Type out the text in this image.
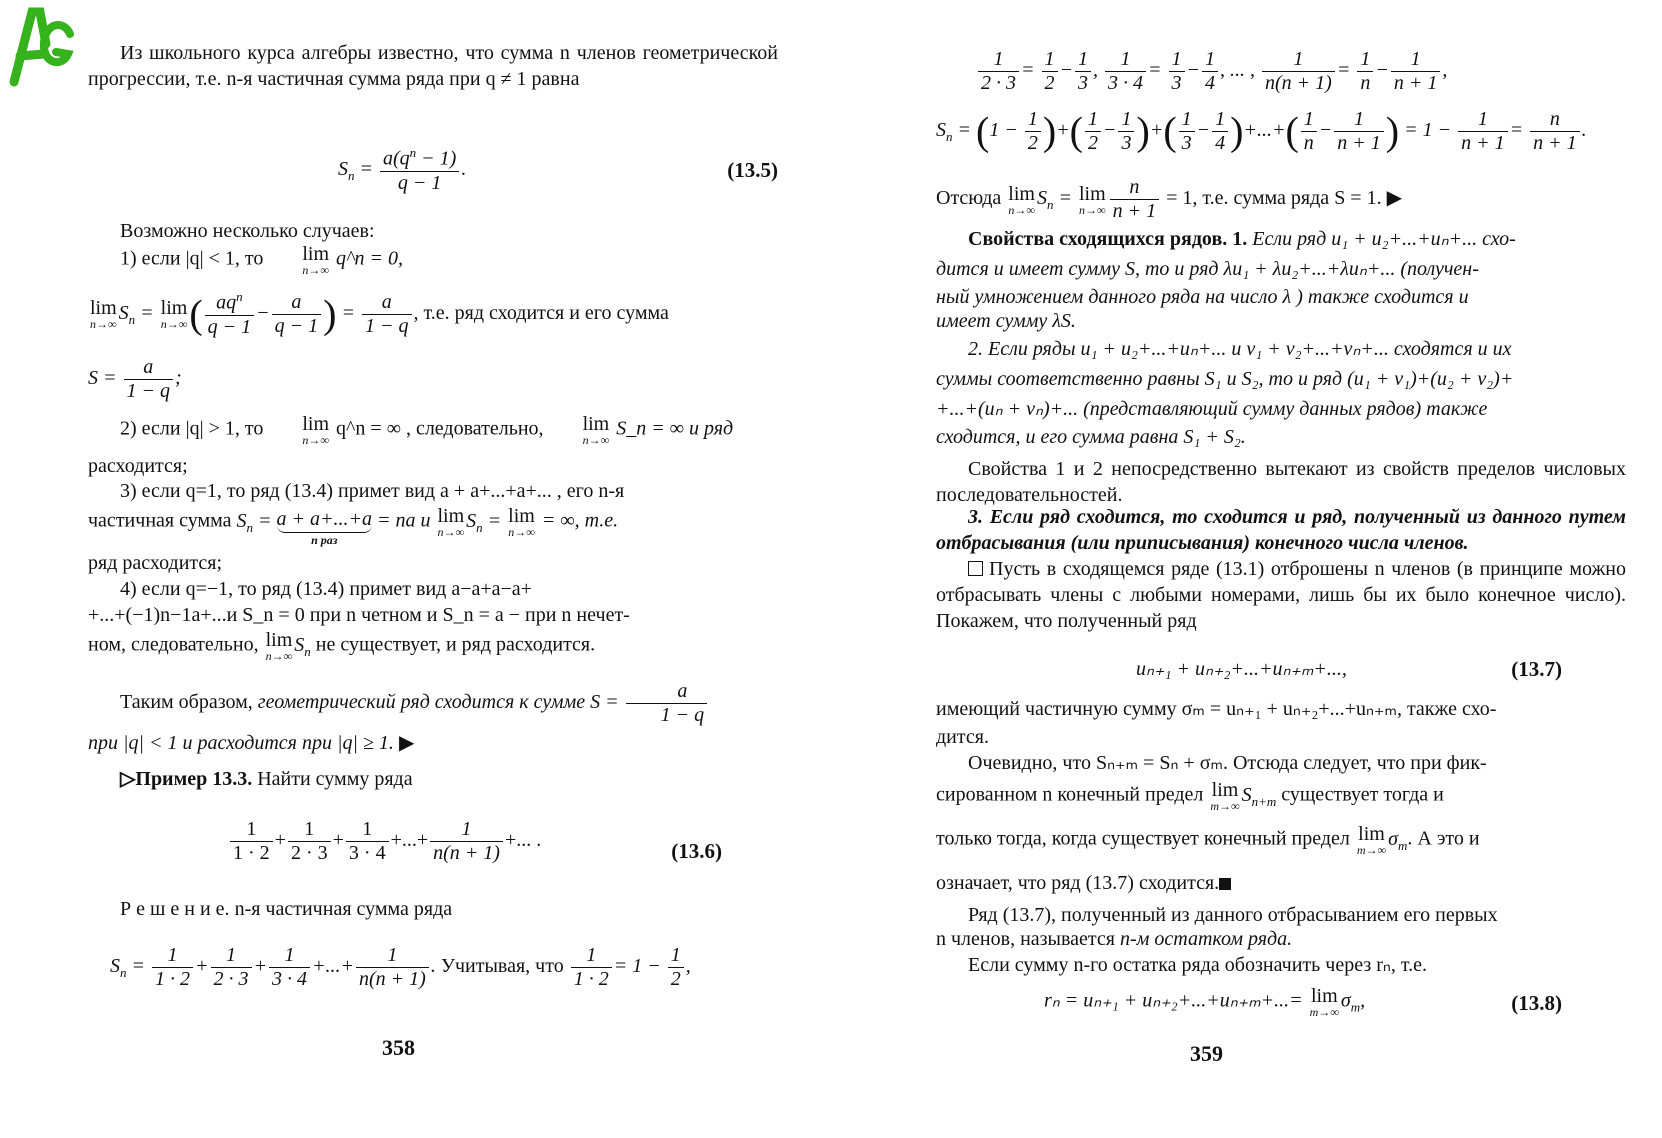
Из школьного курса алгебры известно, что сумма n членов геометрической прогрессии, т.е. n-я частичная сумма ряда при q ≠ 1 равна
$S_n = \frac{a(q^n - 1)}{q - 1}$ .	(13.5)
Возможно несколько случаев:
1) если |q| < 1, то	lim
n→∞
q^n = 0,
lim
n→∞
$S_n = \lim$
n→∞ ( $aq^n$
q − 1
− $\frac{a}{q - 1}$ ) = $\frac{a}{1 - q}$ , т.е. ряд сходится и его сумма
$S = \frac{a}{1 - q}$ ;
2) если |q| > 1, то	lim
n→∞
q^n = ∞ , следовательно,	lim
n→∞
S_n = ∞ и ряд
расходится;
3) если q=1, то ряд (13.4) примет вид a + a+...+a+... , его n-я
частичная сумма $S_n = a + a+...+a$
n раз
= na и lim
n→∞
$S_n = \lim$
n→∞
= ∞, т.е.
ряд расходится;
4) если q=−1, то ряд (13.4) примет вид a−a+a−a+
+...+(−1)n−1a+...и S_n = 0 при n четном и S_n = a − при n нечет-
ном, следовательно, lim
n→∞
$S_n$ не существует, и ряд расходится.
Таким образом, геометрический ряд сходится к сумме $S = \frac{a}{1 - q}$
при |q| < 1 и расходится при |q| ≥ 1. ▶
▷Пример 13.3. Найти сумму ряда
$\frac{1}{1 \cdot 2} + \frac{1}{2 \cdot 3} + \frac{1}{3 \cdot 4}$ +...+ $\frac{1}{n(n + 1)}$ +... .	(13.6)
Р е ш е н и е. n-я частичная сумма ряда
$S_n = \frac{1}{1 \cdot 2} + \frac{1}{2 \cdot 3} + \frac{1}{3 \cdot 4}$ +...+ $\frac{1}{n(n + 1)}$ . Учитывая, что $\frac{1}{1 \cdot 2} = 1 - \frac{1}{2}$ ,
358
$\frac{1}{2 \cdot 3} = \frac{1}{2} - \frac{1}{3}$ , $\frac{1}{3 \cdot 4} = \frac{1}{3} - \frac{1}{4}$ , ... , $\frac{1}{n(n + 1)} = \frac{1}{n} - \frac{1}{n + 1}$ ,
$S_n = (1 - \frac{1}{2}$ )+( $\frac{1}{2} - \frac{1}{3}$ )+( $\frac{1}{3} - \frac{1}{4}$ )+...+( $\frac{1}{n} - \frac{1}{n + 1}$ ) = $1 - \frac{1}{n + 1} = \frac{n}{n + 1}$ .
Отсюда lim
n→∞
$S_n = \lim$
$n\to\infty \frac{n}{n + 1} = 1$, т.е. сумма ряда S = 1. ▶
Свойства сходящихся рядов. 1. Если ряд u₁ + u₂+...+uₙ+... схо-
дится и имеет сумму S, то и ряд λu₁ + λu₂+...+λuₙ+... (получен-
ный умножением данного ряда на число λ ) также сходится и
имеет сумму λS.
2. Если ряды u₁ + u₂+...+uₙ+... и v₁ + v₂+...+vₙ+... сходятся и их
суммы соответственно равны S₁ и S₂, то и ряд (u₁ + v₁)+(u₂ + v₂)+
+...+(uₙ + vₙ)+... (представляющий сумму данных рядов) также
сходится, и его сумма равна S₁ + S₂.
Свойства 1 и 2 непосредственно вытекают из свойств пределов числовых последовательностей.
3. Если ряд сходится, то сходится и ряд, полученный из данного путем отбрасывания (или приписывания) конечного числа членов.
Пусть в сходящемся ряде (13.1) отброшены n членов (в принципе можно отбрасывать члены с любыми номерами, лишь бы их было конечное число). Покажем, что полученный ряд
uₙ₊₁ + uₙ₊₂+...+uₙ₊ₘ+...,	(13.7)
имеющий частичную сумму σₘ = uₙ₊₁ + uₙ₊₂+...+uₙ₊ₘ, также схо-
дится.
Очевидно, что Sₙ₊ₘ = Sₙ + σₘ. Отсюда следует, что при фик-
сированном n конечный предел lim
m→∞
$S_{n+m}$ существует тогда и
только тогда, когда существует конечный предел lim
m→∞
$\sigma_m$. А это и
означает, что ряд (13.7) сходится.
Ряд (13.7), полученный из данного отбрасыванием его первых
n членов, называется n-м остатком ряда.
Если сумму n-го остатка ряда обозначить через rₙ, т.е.
rₙ = uₙ₊₁ + uₙ₊₂+...+uₙ₊ₘ+...= lim
m→∞
$\sigma_m$,	(13.8)
359
